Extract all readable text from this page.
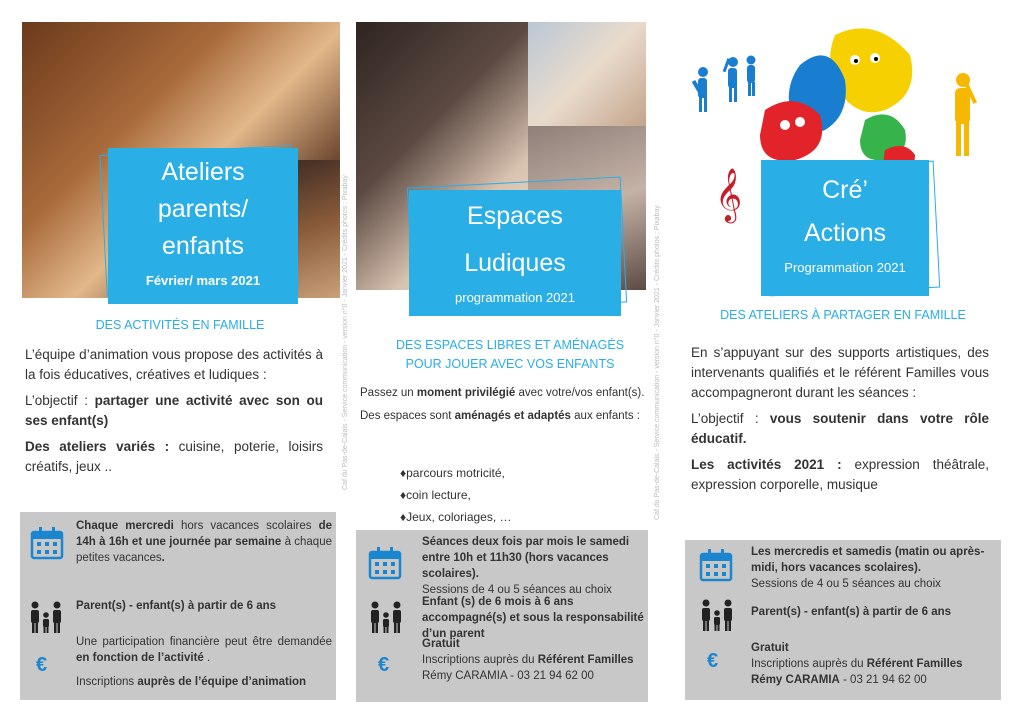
Caf du Pas-de-Calais - Service communication - version n°0 - Janvier 2021 - Crédits photos : Pixabay
Ateliers
parents/
enfants
Février/ mars 2021
DES ACTIVITÉS EN FAMILLE

L’équipe d’animation vous propose des activités à la fois éducatives, créatives et ludiques :

L’objectif : partager une activité avec son ou ses enfant(s)

Des ateliers variés : cuisine, poterie, loisirs créatifs, jeux ..

Chaque mercredi hors vacances scolaires de 14h à 16h et une journée par semaine à chaque petites vacances.
Parent(s) - enfant(s) à partir de 6 ans
€
Une participation financière peut être demandée en fonction de l’activité .
Inscriptions auprès de l’équipe d’animation
Espaces
Ludiques
programmation 2021
DES ESPACES LIBRES ET AMÉNAGÉS
POUR JOUER AVEC VOS ENFANTS

Passez un moment privilégié avec votre/vos enfant(s).

Des espaces sont aménagés et adaptés aux enfants :

♦parcours motricité,
♦coin lecture,
♦Jeux, coloriages, …
Séances deux fois par mois le samedi entre 10h et 11h30 (hors vacances scolaires).
Sessions de 4 ou 5 séances au choix
Enfant (s) de 6 mois à 6 ans accompagné(s) et sous la responsabilité d’un parent
€
Gratuit
Inscriptions auprès du Référent Familles
Rémy CARAMIA - 03 21 94 62 00
Caf du Pas-de-Calais - Service communication - version n°0 - Janvier 2021 - Crédits photos : Pixabay
𝄞	Cré’
Actions
Programmation 2021
DES ATELIERS À PARTAGER EN FAMILLE

En s’appuyant sur des supports artistiques, des intervenants qualifiés et le référent Familles vous accompagneront durant les séances :

L’objectif : vous soutenir dans votre rôle éducatif.

Les activités 2021 : expression théâtrale, expression corporelle, musique

Les mercredis et samedis (matin ou après-midi, hors vacances scolaires).
Sessions de 4 ou 5 séances au choix
Parent(s) - enfant(s) à partir de 6 ans
€
Gratuit
Inscriptions auprès du Référent Familles
Rémy CARAMIA - 03 21 94 62 00
